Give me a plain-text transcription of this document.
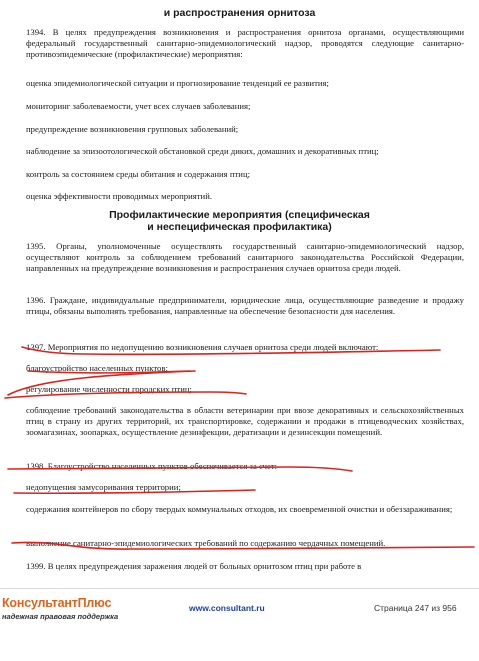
и распространения орнитоза
1394. В целях предупреждения возникновения и распространения орнитоза органами, осуществляющими федеральный государственный санитарно-эпидемиологический надзор, проводятся следующие санитарно-противоэпидемические (профилактические) мероприятия:
оценка эпидемиологической ситуации и прогнозирование тенденций ее развития;
мониторинг заболеваемости, учет всех случаев заболевания;
предупреждение возникновения групповых заболеваний;
наблюдение за эпизоотологической обстановкой среди диких, домашних и декоративных птиц;
контроль за состоянием среды обитания и содержания птиц;
оценка эффективности проводимых мероприятий.
Профилактические мероприятия (специфическая
и неспецифическая профилактика)
1395. Органы, уполномоченные осуществлять государственный санитарно-эпидемиологический надзор, осуществляют контроль за соблюдением требований санитарного законодательства Российской Федерации, направленных на предупреждение возникновения и распространения случаев орнитоза среди людей.
1396. Граждане, индивидуальные предприниматели, юридические лица, осуществляющие разведение и продажу птицы, обязаны выполнять требования, направленные на обеспечение безопасности для населения.
1397. Мероприятия по недопущению возникновения случаев орнитоза среди людей включают:
благоустройство населенных пунктов;
регулирование численности городских птиц;
соблюдение требований законодательства в области ветеринарии при ввозе декоративных и сельскохозяйственных птиц в страну из других территорий, их транспортировке, содержании и продажи в птицеводческих хозяйствах, зоомагазинах, зоопарках, осуществление дезинфекции, дератизации и дезинсекции помещений.
1398. Благоустройство населенных пунктов обеспечивается за счет:
недопущения замусоривания территории;
содержания контейнеров по сбору твердых коммунальных отходов, их своевременной очистки и обеззараживания;
выполнение санитарно-эпидемиологических требований по содержанию чердачных помещений.
1399. В целях предупреждения заражения людей от больных орнитозом птиц при работе в
КонсультантПлюс
надежная правовая поддержка
www.consultant.ru	Страница 247 из 956
